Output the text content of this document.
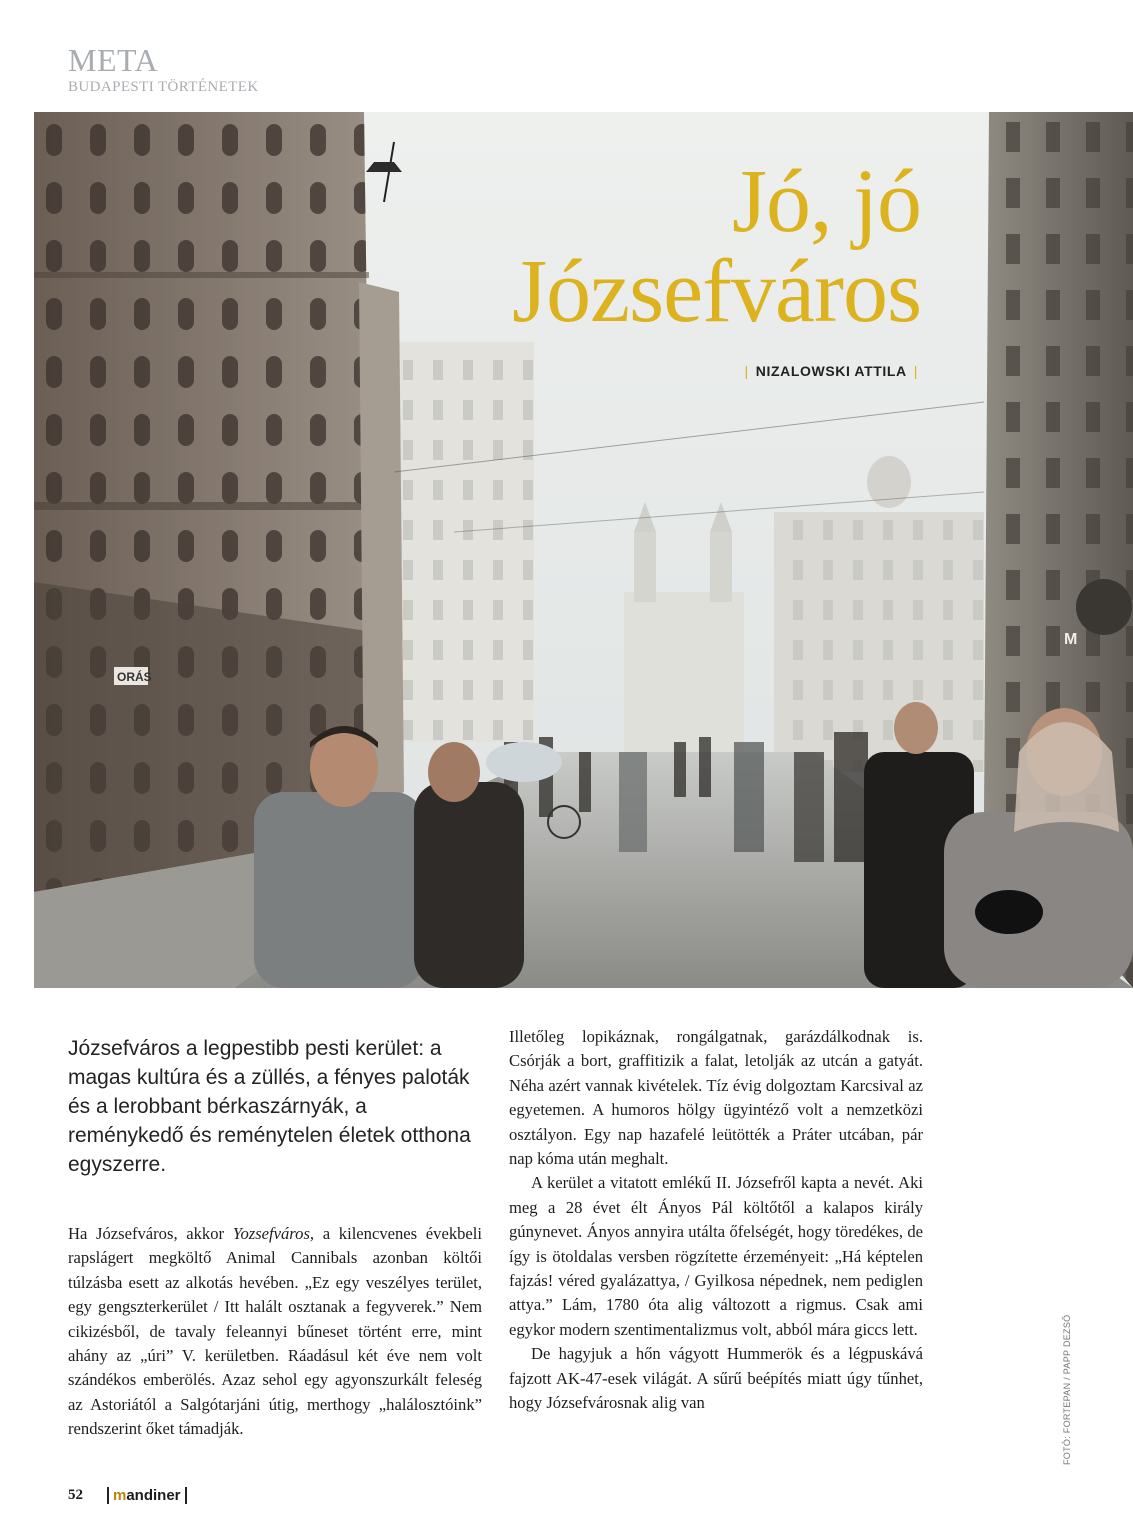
META
BUDAPESTI TÖRTÉNETEK
ORÁS
M
Jó, jó
Józsefváros
| NIZALOWSKI ATTILA |

Józsefváros a legpestibb pesti kerület: a magas kultúra és a züllés, a fényes paloták és a lerobbant bérkaszárnyák, a reménykedő és reménytelen életek otthona egyszerre.

Ha Józsefváros, akkor Yozsefváros, a kilencvenes évekbeli rapslágert megköltő Animal Cannibals azonban költői túlzásba esett az alkotás hevében. „Ez egy veszélyes terület, egy gengszterkerület / Itt halált osztanak a fegyverek.” Nem cikizésből, de tavaly feleannyi bűneset történt erre, mint ahány az „úri” V. kerületben. Ráadásul két éve nem volt szándékos emberölés. Azaz sehol egy agyonszurkált feleség az Astoriától a Salgótarjáni útig, merthogy „halálosztóink” rendszerint őket támadják.

Illetőleg lopikáznak, rongálgatnak, garázdálkodnak is. Csórják a bort, graffitizik a falat, letolják az utcán a gatyát. Néha azért vannak kivételek. Tíz évig dolgoztam Karcsival az egyetemen. A humoros hölgy ügyintéző volt a nemzetközi osztályon. Egy nap hazafelé leütötték a Práter utcában, pár nap kóma után meghalt.

A kerület a vitatott emlékű II. Józsefről kapta a nevét. Aki meg a 28 évet élt Ányos Pál költőtől a kalapos király gúnynevet. Ányos annyira utálta őfelségét, hogy töredékes, de így is ötoldalas versben rögzítette érzeményeit: „Há képtelen fajzás! véred gyalázattya, / Gyilkosa népednek, nem pediglen attya.” Lám, 1780 óta alig változott a rigmus. Csak ami egykor modern szentimentalizmus volt, abból mára giccs lett.

De hagyjuk a hőn vágyott Hummerök és a légpuskává fajzott AK-47-esek világát. A sűrű beépítés miatt úgy tűnhet, hogy Józsefvárosnak alig van	FOTÓ: FORTEPAN / PAPP DEZSŐ
52	mandiner
